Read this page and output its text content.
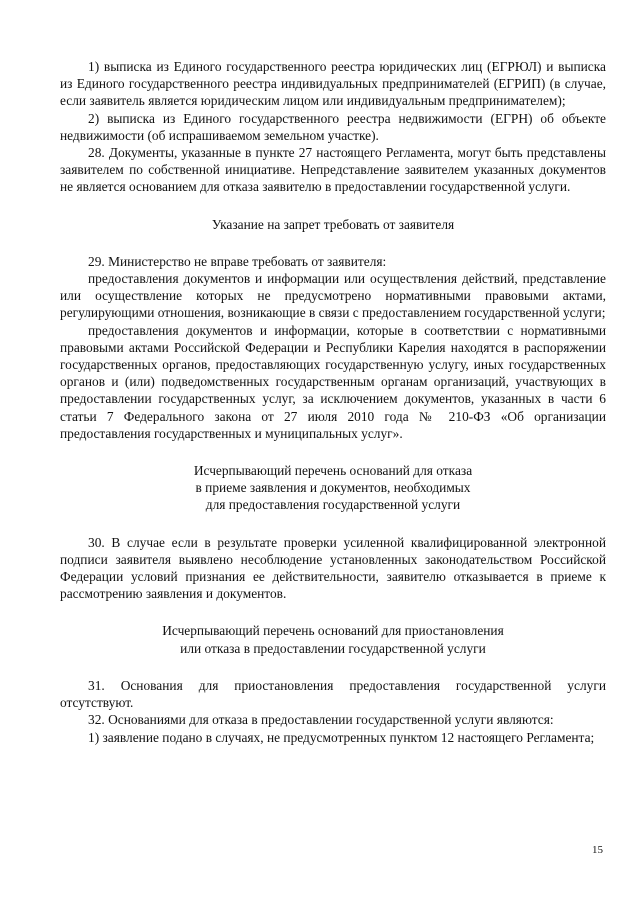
1) выписка из Единого государственного реестра юридических лиц (ЕГРЮЛ) и выписка из Единого государственного реестра индивидуальных предпринимателей (ЕГРИП) (в случае, если заявитель является юридическим лицом или индивидуальным предпринимателем);

2) выписка из Единого государственного реестра недвижимости (ЕГРН) об объекте недвижимости (об испрашиваемом земельном участке).

28. Документы, указанные в пункте 27 настоящего Регламента, могут быть представлены заявителем по собственной инициативе. Непредставление заявителем указанных документов не является основанием для отказа заявителю в предоставлении государственной услуги.

Указание на запрет требовать от заявителя

29. Министерство не вправе требовать от заявителя:

предоставления документов и информации или осуществления действий, представление или осуществление которых не предусмотрено нормативными правовыми актами, регулирующими отношения, возникающие в связи с предоставлением государственной услуги;

предоставления документов и информации, которые в соответствии с нормативными правовыми актами Российской Федерации и Республики Карелия находятся в распоряжении государственных органов, предоставляющих государственную услугу, иных государственных органов и (или) подведомственных государственным органам организаций, участвующих в предоставлении государственных услуг, за исключением документов, указанных в части 6 статьи 7 Федерального закона от 27 июля 2010 года № 210-ФЗ «Об организации предоставления государственных и муниципальных услуг».

Исчерпывающий перечень оснований для отказа
в приеме заявления и документов, необходимых
для предоставления государственной услуги

30. В случае если в результате проверки усиленной квалифицированной электронной подписи заявителя выявлено несоблюдение установленных законодательством Российской Федерации условий признания ее действительности, заявителю отказывается в приеме к рассмотрению заявления и документов.

Исчерпывающий перечень оснований для приостановления
или отказа в предоставлении государственной услуги

31. Основания для приостановления предоставления государственной услуги отсутствуют.

32. Основаниями для отказа в предоставлении государственной услуги являются:

1) заявление подано в случаях, не предусмотренных пунктом 12 настоящего Регламента;

15
